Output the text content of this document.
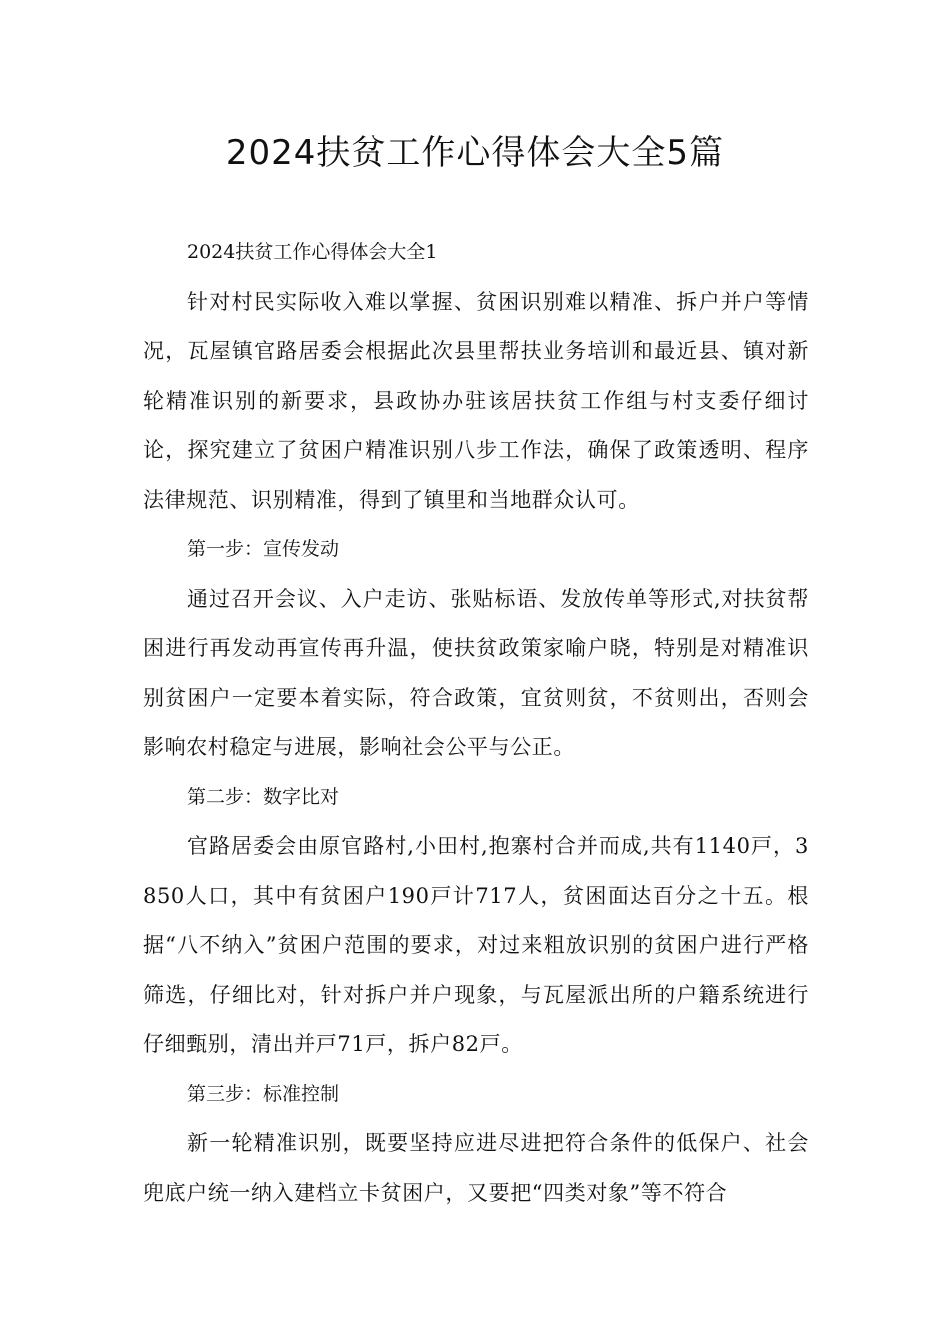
2024扶贫工作心得体会大全5篇

2024扶贫工作心得体会大全1

针对村民实际收入难以掌握、贫困识别难以精准、拆户并户等情况，瓦屋镇官路居委会根据此次县里帮扶业务培训和最近县、镇对新轮精准识别的新要求，县政协办驻该居扶贫工作组与村支委仔细讨论，探究建立了贫困户精准识别八步工作法，确保了政策透明、程序法律规范、识别精准，得到了镇里和当地群众认可。

第一步：宣传发动

通过召开会议、入户走访、张贴标语、发放传单等形式,对扶贫帮困进行再发动再宣传再升温，使扶贫政策家喻户晓，特别是对精准识别贫困户一定要本着实际，符合政策，宜贫则贫，不贫则出，否则会影响农村稳定与进展，影响社会公平与公正。

第二步：数字比对

官路居委会由原官路村,小田村,抱寨村合并而成,共有1140戸，3850人口，其中有贫困户190戸计717人，贫困面达百分之十五。根据“八不纳入”贫困户范围的要求，对过来粗放识别的贫困户进行严格筛选，仔细比对，针对拆户并户现象，与瓦屋派出所的户籍系统进行仔细甄别，清出并戸71戸，拆户82戸。

第三步：标准控制

新一轮精准识别，既要坚持应进尽进把符合条件的低保户、社会兜底户统一纳入建档立卡贫困户，又要把“四类对象”等不符合
